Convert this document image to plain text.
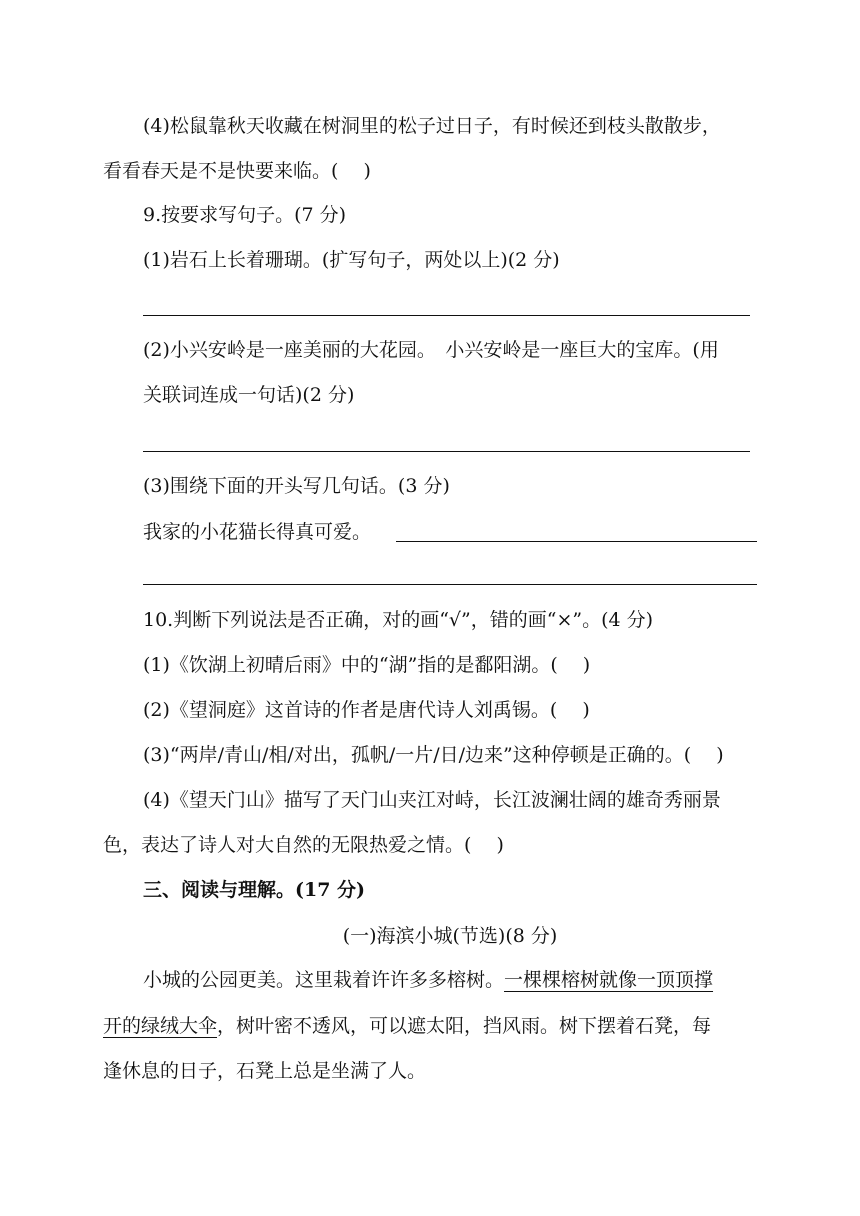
(4)松鼠靠秋天收藏在树洞里的松子过日子，有时候还到枝头散散步，
看看春天是不是快要来临。(　 )
9.按要求写句子。(7 分)
(1)岩石上长着珊瑚。(扩写句子，两处以上)(2 分)
(2)小兴安岭是一座美丽的大花园。　小兴安岭是一座巨大的宝库。(用
关联词连成一句话)(2 分)
(3)围绕下面的开头写几句话。(3 分)
我家的小花猫长得真可爱。
10.判断下列说法是否正确，对的画“√”，错的画“×”。(4 分)
(1)《饮湖上初晴后雨》中的“湖”指的是鄱阳湖。(　 )
(2)《望洞庭》这首诗的作者是唐代诗人刘禹锡。(　 )
(3)“两岸/青山/相/对出，孤帆/一片/日/边来”这种停顿是正确的。(　 )
(4)《望天门山》描写了天门山夹江对峙，长江波澜壮阔的雄奇秀丽景
色，表达了诗人对大自然的无限热爱之情。(　 )
三、阅读与理解。(17 分)
(一)海滨小城(节选)(8 分)
小城的公园更美。这里栽着许许多多榕树。一棵棵榕树就像一顶顶撑
开的绿绒大伞，树叶密不透风，可以遮太阳，挡风雨。树下摆着石凳，每
逢休息的日子，石凳上总是坐满了人。
